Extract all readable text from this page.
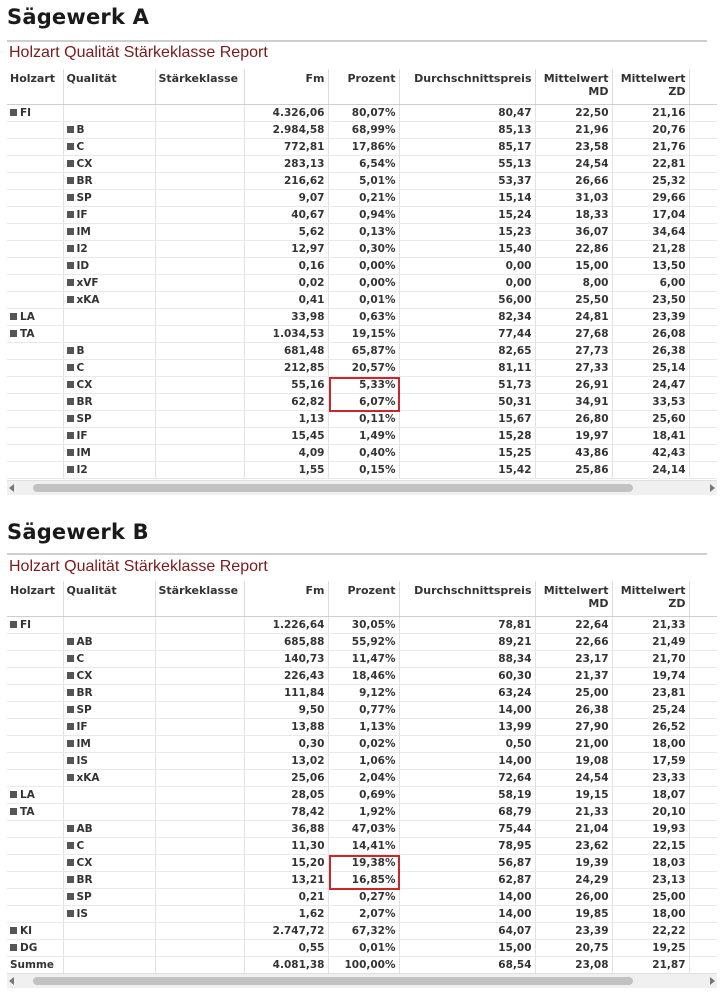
Sägewerk A
Holzart Qualität Stärkeklasse Report
Holzart	Qualität	Stärkeklasse	Fm	Prozent	Durchschnittspreis	Mittelwert MD	Mittelwert ZD	
FI			4.326,06	80,07%	80,47	22,50	21,16	
	B		2.984,58	68,99%	85,13	21,96	20,76	
	C		772,81	17,86%	85,17	23,58	21,76	
	CX		283,13	6,54%	55,13	24,54	22,81	
	BR		216,62	5,01%	53,37	26,66	25,32	
	SP		9,07	0,21%	15,14	31,03	29,66	
	IF		40,67	0,94%	15,24	18,33	17,04	
	IM		5,62	0,13%	15,23	36,07	34,64	
	I2		12,97	0,30%	15,40	22,86	21,28	
	ID		0,16	0,00%	0,00	15,00	13,50	
	xVF		0,02	0,00%	0,00	8,00	6,00	
	xKA		0,41	0,01%	56,00	25,50	23,50	
LA			33,98	0,63%	82,34	24,81	23,39	
TA			1.034,53	19,15%	77,44	27,68	26,08	
	B		681,48	65,87%	82,65	27,73	26,38	
	C		212,85	20,57%	81,11	27,33	25,14	
	CX		55,16	5,33%	51,73	26,91	24,47	
	BR		62,82	6,07%	50,31	34,91	33,53	
	SP		1,13	0,11%	15,67	26,80	25,60	
	IF		15,45	1,49%	15,28	19,97	18,41	
	IM		4,09	0,40%	15,25	43,86	42,43	
	I2		1,55	0,15%	15,42	25,86	24,14	
Sägewerk B
Holzart Qualität Stärkeklasse Report
Holzart	Qualität	Stärkeklasse	Fm	Prozent	Durchschnittspreis	Mittelwert MD	Mittelwert ZD	
FI			1.226,64	30,05%	78,81	22,64	21,33	
	AB		685,88	55,92%	89,21	22,66	21,49	
	C		140,73	11,47%	88,34	23,17	21,70	
	CX		226,43	18,46%	60,30	21,37	19,74	
	BR		111,84	9,12%	63,24	25,00	23,81	
	SP		9,50	0,77%	14,00	26,38	25,24	
	IF		13,88	1,13%	13,99	27,90	26,52	
	IM		0,30	0,02%	0,50	21,00	18,00	
	IS		13,02	1,06%	14,00	19,08	17,59	
	xKA		25,06	2,04%	72,64	24,54	23,33	
LA			28,05	0,69%	58,19	19,15	18,07	
TA			78,42	1,92%	68,79	21,33	20,10	
	AB		36,88	47,03%	75,44	21,04	19,93	
	C		11,30	14,41%	78,95	23,62	22,15	
	CX		15,20	19,38%	56,87	19,39	18,03	
	BR		13,21	16,85%	62,87	24,29	23,13	
	SP		0,21	0,27%	14,00	26,00	25,00	
	IS		1,62	2,07%	14,00	19,85	18,00	
KI			2.747,72	67,32%	64,07	23,39	22,22	
DG			0,55	0,01%	15,00	20,75	19,25	
Summe			4.081,38	100,00%	68,54	23,08	21,87	
